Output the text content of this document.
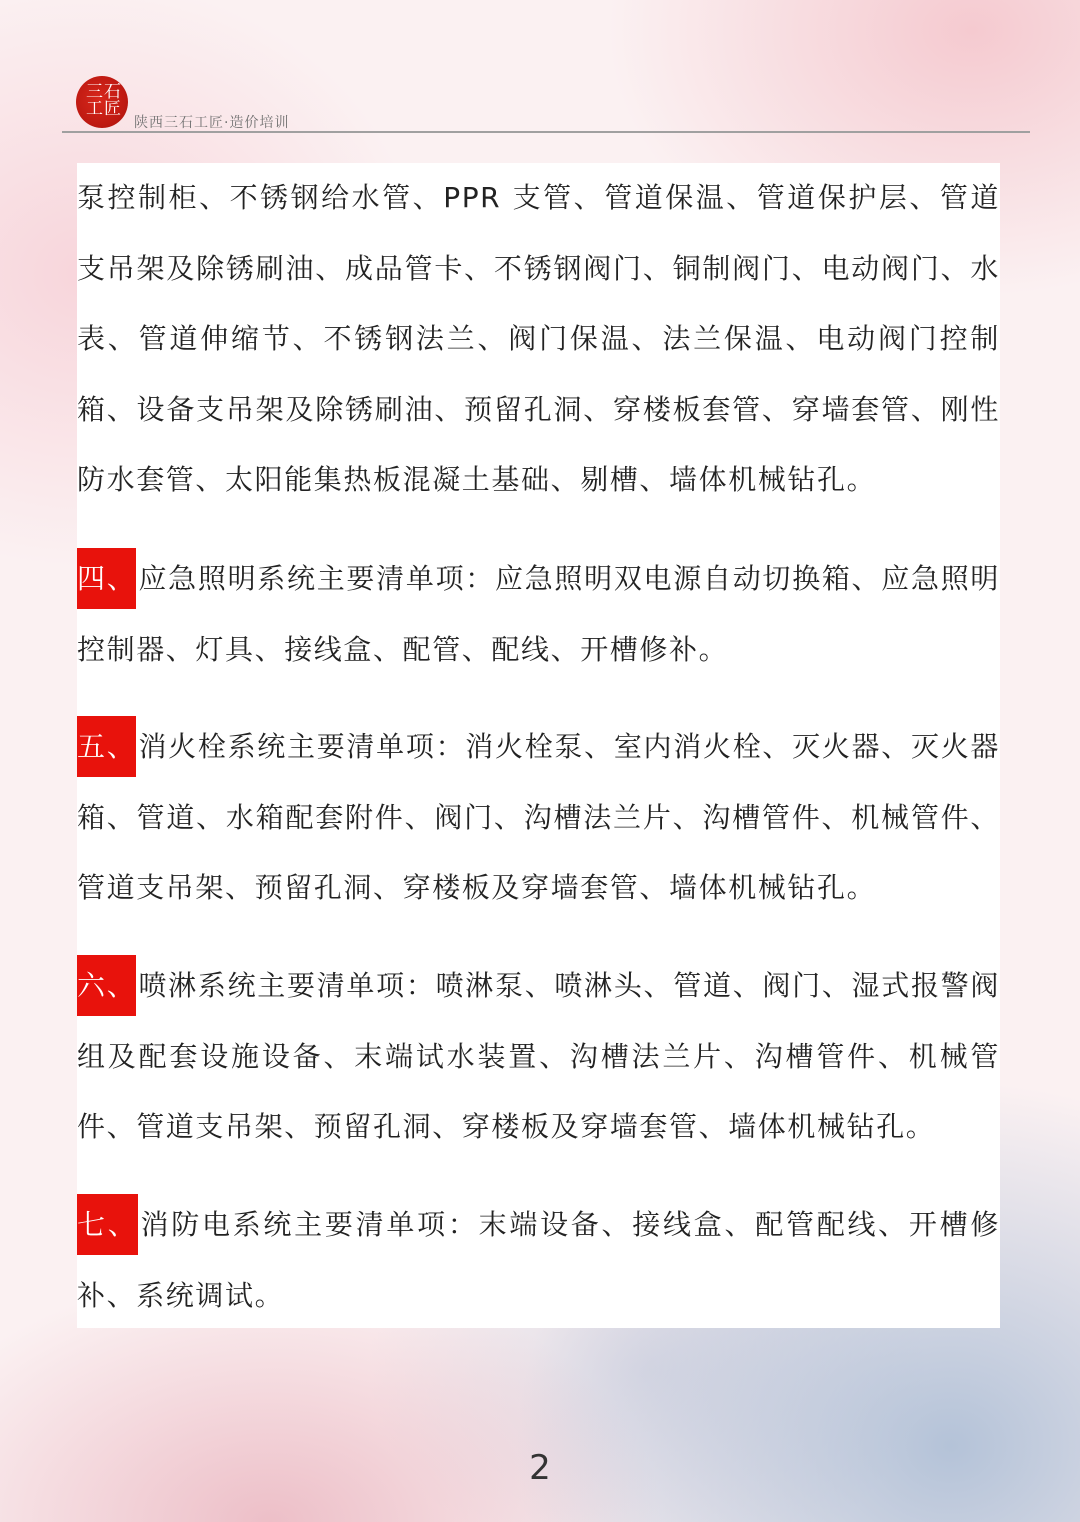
三石工匠
陕西三石工匠·造价培训

泵控制柜、不锈钢给水管、PPR 支管、管道保温、管道保护层、管道支吊架及除锈刷油、成品管卡、不锈钢阀门、铜制阀门、电动阀门、水表、管道伸缩节、不锈钢法兰、阀门保温、法兰保温、电动阀门控制箱、设备支吊架及除锈刷油、预留孔洞、穿楼板套管、穿墙套管、刚性防水套管、太阳能集热板混凝土基础、剔槽、墙体机械钻孔。

四、应急照明系统主要清单项：应急照明双电源自动切换箱、应急照明控制器、灯具、接线盒、配管、配线、开槽修补。

五、消火栓系统主要清单项：消火栓泵、室内消火栓、灭火器、灭火器箱、管道、水箱配套附件、阀门、沟槽法兰片、沟槽管件、机械管件、管道支吊架、预留孔洞、穿楼板及穿墙套管、墙体机械钻孔。

六、喷淋系统主要清单项：喷淋泵、喷淋头、管道、阀门、湿式报警阀组及配套设施设备、末端试水装置、沟槽法兰片、沟槽管件、机械管件、管道支吊架、预留孔洞、穿楼板及穿墙套管、墙体机械钻孔。

七、消防电系统主要清单项：末端设备、接线盒、配管配线、开槽修补、系统调试。

2
